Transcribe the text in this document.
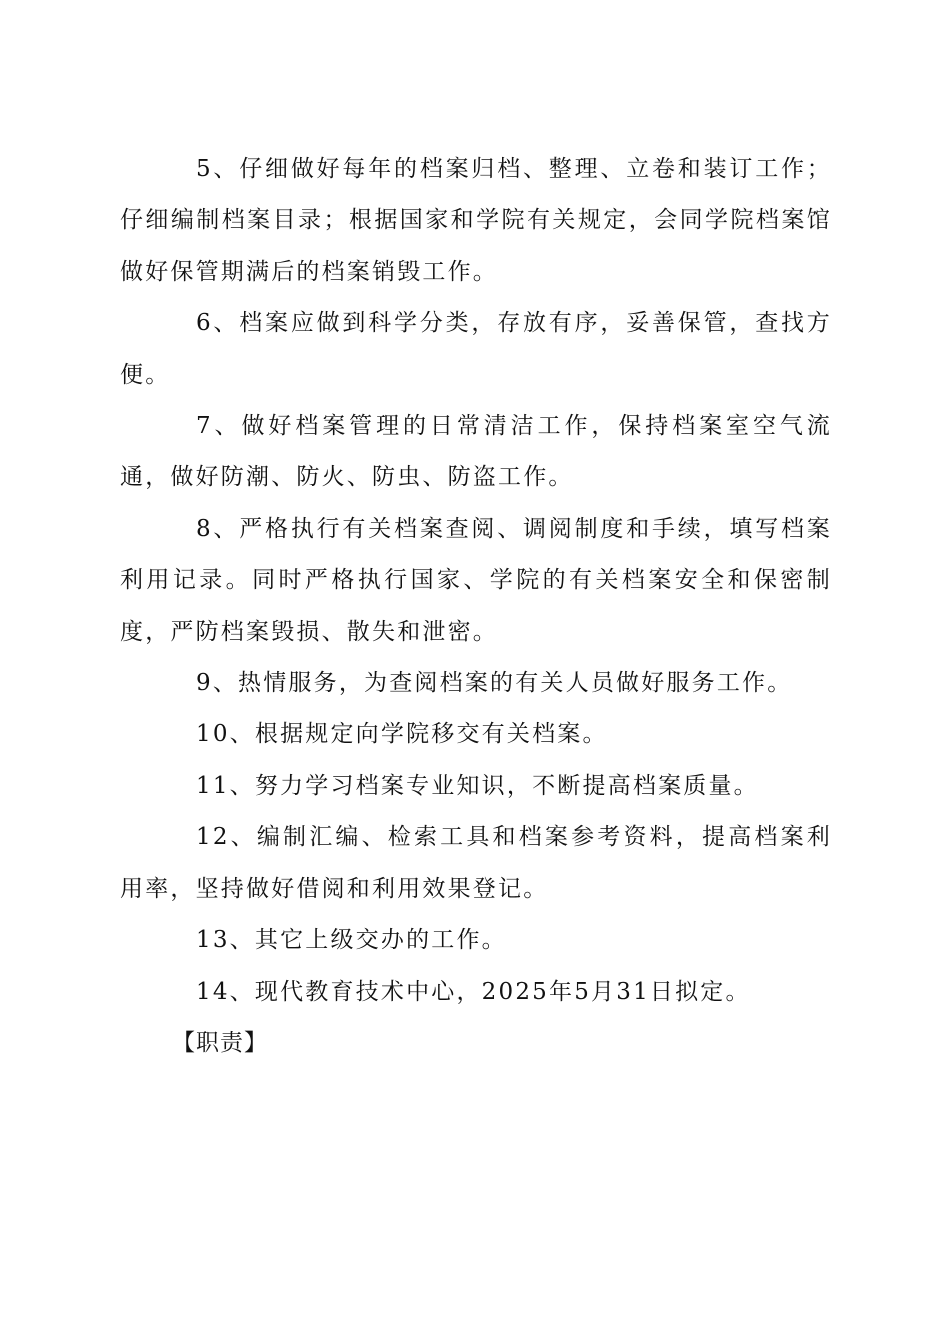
5、仔细做好每年的档案归档、整理、立卷和装订工作；仔细编制档案目录；根据国家和学院有关规定，会同学院档案馆做好保管期满后的档案销毁工作。

6、档案应做到科学分类，存放有序，妥善保管，查找方便。

7、做好档案管理的日常清洁工作，保持档案室空气流通，做好防潮、防火、防虫、防盗工作。

8、严格执行有关档案查阅、调阅制度和手续，填写档案利用记录。同时严格执行国家、学院的有关档案安全和保密制度，严防档案毁损、散失和泄密。

9、热情服务，为查阅档案的有关人员做好服务工作。

10、根据规定向学院移交有关档案。

11、努力学习档案专业知识，不断提高档案质量。

12、编制汇编、检索工具和档案参考资料，提高档案利用率，坚持做好借阅和利用效果登记。

13、其它上级交办的工作。

14、现代教育技术中心，2025年5月31日拟定。

【职责】
